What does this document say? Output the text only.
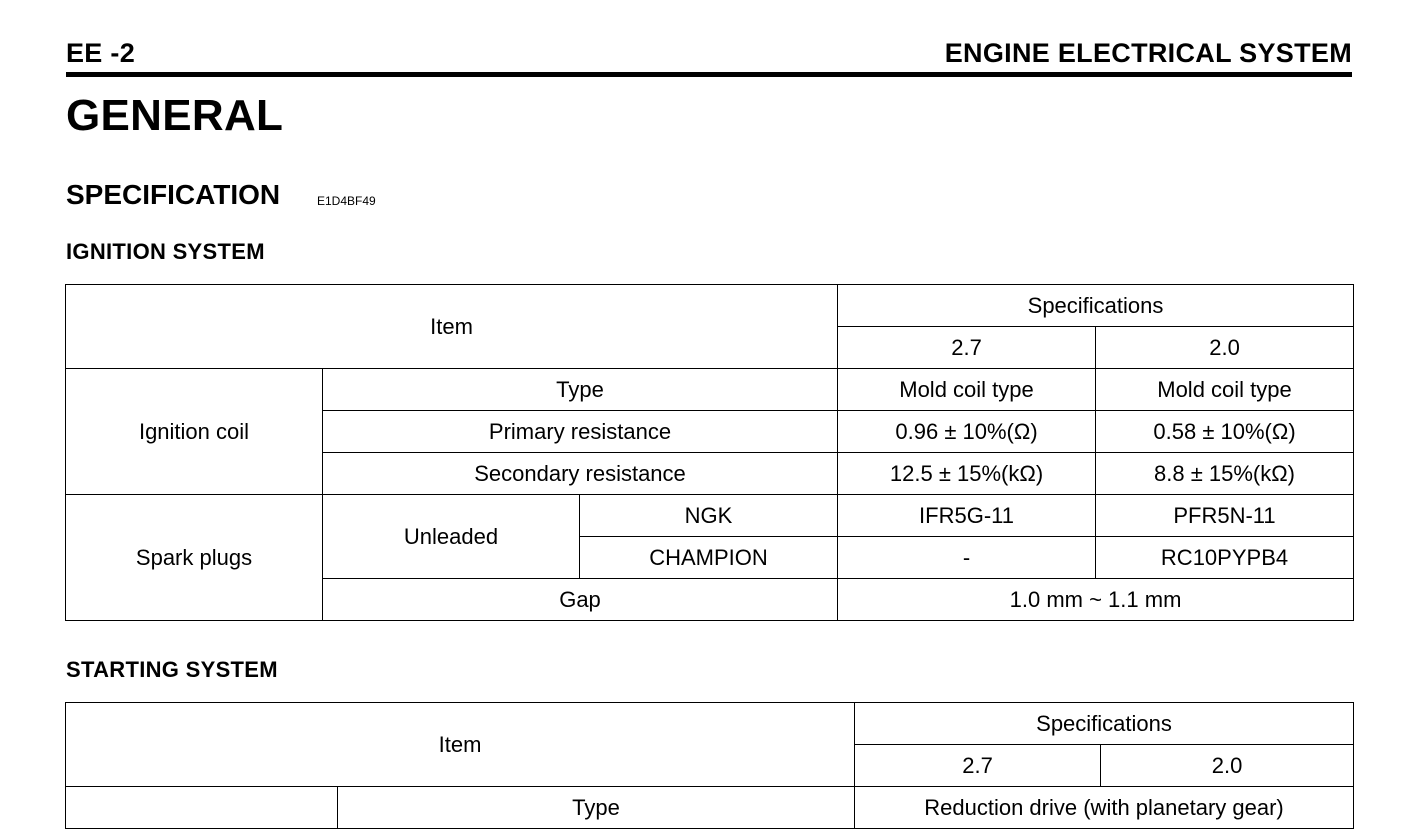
EE -2	ENGINE ELECTRICAL SYSTEM
GENERAL
SPECIFICATION	E1D4BF49
IGNITION SYSTEM
Item			Specifications	
			2.7	2.0
Ignition coil	Type		Mold coil type	Mold coil type
	Primary resistance		0.96 ± 10%(Ω)	0.58 ± 10%(Ω)
	Secondary resistance		12.5 ± 15%(kΩ)	8.8 ± 15%(kΩ)
Spark plugs	Unleaded	NGK	IFR5G-11	PFR5N-11
		CHAMPION	-	RC10PYPB4
	Gap		1.0 mm ~ 1.1 mm	
STARTING SYSTEM
Item		Specifications	
		2.7	2.0
	Type	Reduction drive (with planetary gear)	
